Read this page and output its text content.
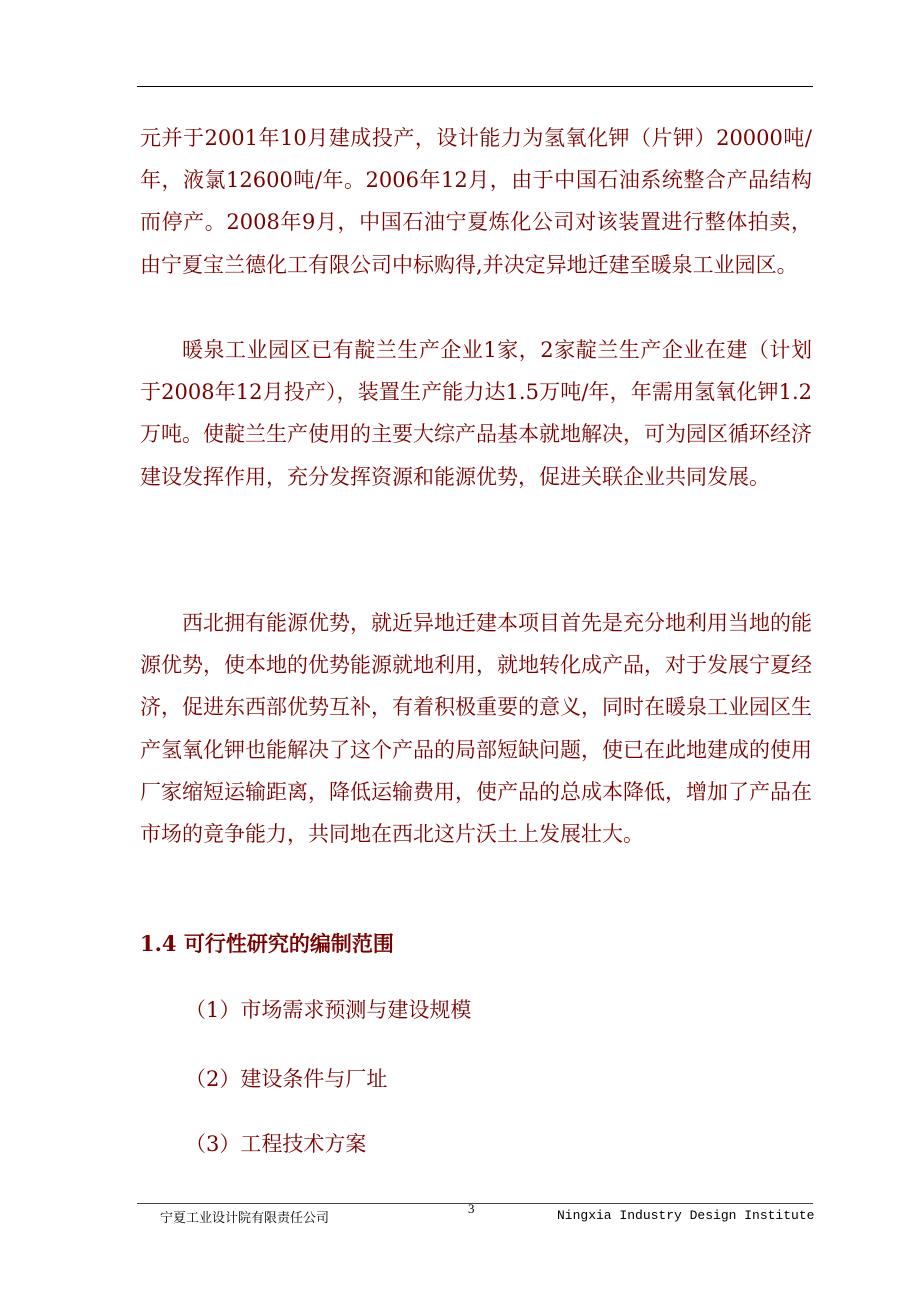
元并于2001年10月建成投产，设计能力为氢氧化钾（片钾）20000吨/年，液氯12600吨/年。2006年12月，由于中国石油系统整合产品结构而停产。2008年9月，中国石油宁夏炼化公司对该装置进行整体拍卖，由宁夏宝兰德化工有限公司中标购得,并决定异地迁建至暖泉工业园区。

暖泉工业园区已有靛兰生产企业1家，2家靛兰生产企业在建（计划于2008年12月投产），装置生产能力达1.5万吨/年，年需用氢氧化钾1.2万吨。使靛兰生产使用的主要大综产品基本就地解决，可为园区循环经济建设发挥作用，充分发挥资源和能源优势，促进关联企业共同发展。

西北拥有能源优势，就近异地迁建本项目首先是充分地利用当地的能源优势，使本地的优势能源就地利用，就地转化成产品，对于发展宁夏经济，促进东西部优势互补，有着积极重要的意义，同时在暖泉工业园区生产氢氧化钾也能解决了这个产品的局部短缺问题，使已在此地建成的使用厂家缩短运输距离，降低运输费用，使产品的总成本降低，增加了产品在市场的竟争能力，共同地在西北这片沃土上发展壮大。

1.4 可行性研究的编制范围

（1）市场需求预测与建设规模

（2）建设条件与厂址

（3）工程技术方案

宁夏工业设计院有限责任公司
3	Ningxia Industry Design Institute
